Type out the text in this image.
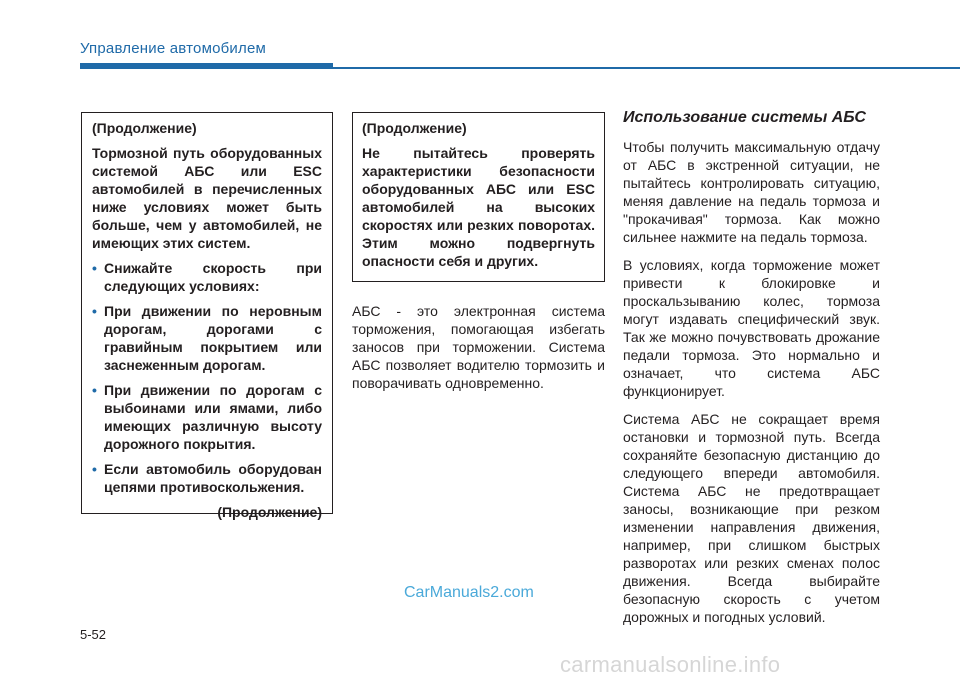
Управление автомобилем

(Продолжение)

Тормозной путь оборудованных системой АБС или ESC автомобилей в перечисленных ниже условиях может быть больше, чем у автомобилей, не имеющих этих систем.

• Снижайте скорость при следующих условиях:
• При движении по неровным дорогам, дорогами с гравийным покрытием или заснеженным дорогам.
• При движении по дорогам с выбоинами или ямами, либо имеющих различную высоту дорожного покрытия.
• Если автомобиль оборудован цепями противоскольжения.

(Продолжение)

(Продолжение)

Не пытайтесь проверять характеристики безопасности оборудованных АБС или ESC автомобилей на высоких скоростях или резких поворотах. Этим можно подвергнуть опасности себя и других.

АБС - это электронная система торможения, помогающая избегать заносов при торможении. Система АБС позволяет водителю тормозить и поворачивать одновременно.

Использование системы АБС

Чтобы получить максимальную отдачу от АБС в экстренной ситуации, не пытайтесь контролировать ситуацию, меняя давление на педаль тормоза и "прокачивая" тормоза. Как можно сильнее нажмите на педаль тормоза.

В условиях, когда торможение может привести к блокировке и проскальзыванию колес, тормоза могут издавать специфический звук. Так же можно почувствовать дрожание педали тормоза. Это нормально и означает, что система АБС функционирует.

Система АБС не сокращает время остановки и тормозной путь. Всегда сохраняйте безопасную дистанцию до следующего впереди автомобиля. Система АБС не предотвращает заносы, возникающие при резком изменении направления движения, например, при слишком быстрых разворотах или резких сменах полос движения. Всегда выбирайте безопасную скорость с учетом дорожных и погодных условий.

CarManuals2.com
5-52
carmanualsonline.info
